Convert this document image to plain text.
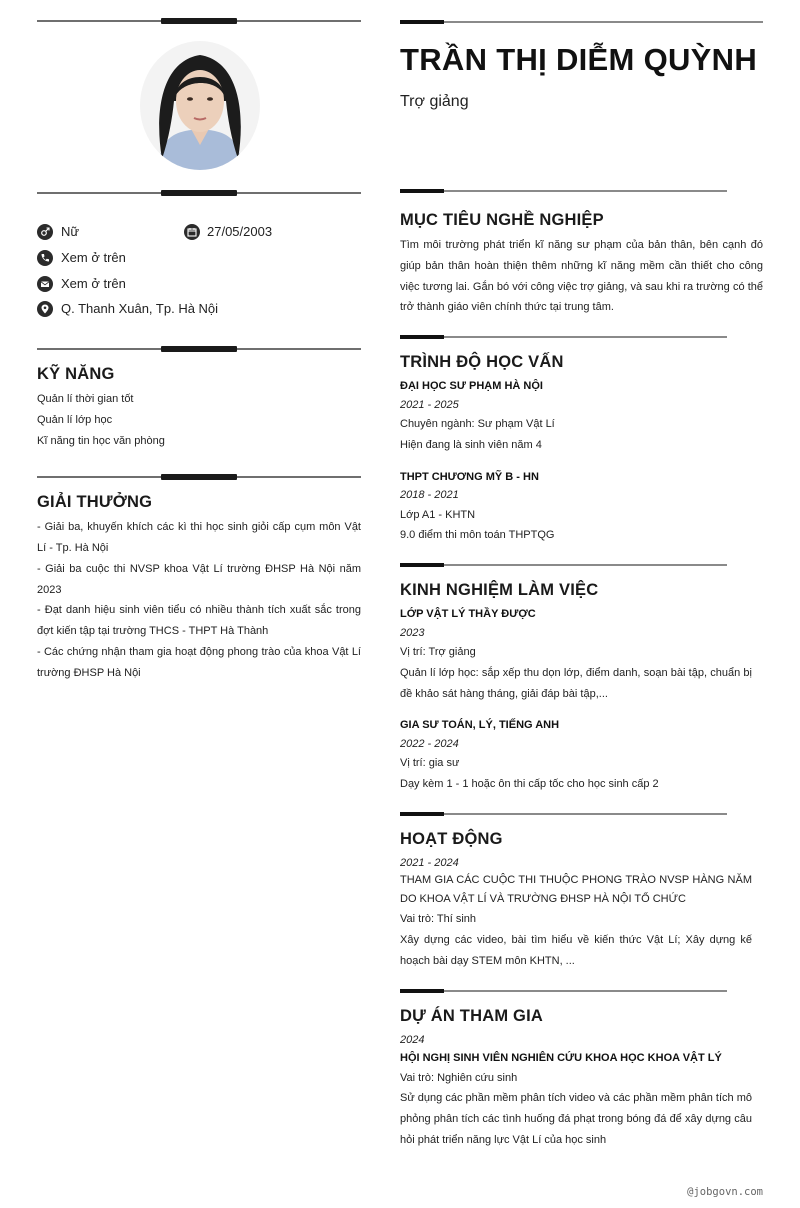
Nữ	27/05/2003
Xem ở trên
Xem ở trên
Q. Thanh Xuân, Tp. Hà Nội
KỸ NĂNG
Quản lí thời gian tốt
Quản lí lớp học
Kĩ năng tin học văn phòng
GIẢI THƯỞNG
- Giải ba, khuyến khích các kì thi học sinh giỏi cấp cụm môn Vật Lí - Tp. Hà Nội
- Giải ba cuộc thi NVSP khoa Vật Lí trường ĐHSP Hà Nội năm 2023
- Đạt danh hiệu sinh viên tiểu có nhiều thành tích xuất sắc trong đợt kiến tập tại trường THCS - THPT Hà Thành
- Các chứng nhận tham gia hoạt động phong trào của khoa Vật Lí trường ĐHSP Hà Nội
TRẦN THỊ DIỄM QUỲNH
Trợ giảng
MỤC TIÊU NGHỀ NGHIỆP
Tìm môi trường phát triển kĩ năng sư phạm của bản thân, bên cạnh đó giúp bản thân hoàn thiện thêm những kĩ năng mềm cần thiết cho công việc tương lai. Gắn bó với công việc trợ giảng, và sau khi ra trường có thể trở thành giáo viên chính thức tại trung tâm.
TRÌNH ĐỘ HỌC VẤN
ĐẠI HỌC SƯ PHẠM HÀ NỘI
2021 - 2025
Chuyên ngành: Sư phạm Vật Lí
Hiện đang là sinh viên năm 4
THPT CHƯƠNG MỸ B - HN
2018 - 2021
Lớp A1 - KHTN
9.0 điểm thi môn toán THPTQG
KINH NGHIỆM LÀM VIỆC
LỚP VẬT LÝ THẦY ĐƯỢC
2023
Vị trí: Trợ giảng
Quản lí lớp học: sắp xếp thu dọn lớp, điểm danh, soạn bài tập, chuẩn bị đề khảo sát hàng tháng, giải đáp bài tập,...
GIA SƯ TOÁN, LÝ, TIẾNG ANH
2022 - 2024
Vị trí: gia sư
Dạy kèm 1 - 1 hoặc ôn thi cấp tốc cho học sinh cấp 2
HOẠT ĐỘNG
2021 - 2024
THAM GIA CÁC CUỘC THI THUỘC PHONG TRÀO NVSP HÀNG NĂM DO KHOA VẬT LÍ VÀ TRƯỜNG ĐHSP HÀ NỘI TỔ CHỨC
Vai trò: Thí sinh
Xây dựng các video, bài tìm hiểu về kiến thức Vật Lí; Xây dựng kế hoạch bài dạy STEM môn KHTN, ...
DỰ ÁN THAM GIA
2024
HỘI NGHỊ SINH VIÊN NGHIÊN CỨU KHOA HỌC KHOA VẬT LÝ
Vai trò: Nghiên cứu sinh
Sử dụng các phần mềm phân tích video và các phần mềm phân tích mô phỏng phân tích các tình huống đá phạt trong bóng đá để xây dựng câu hỏi phát triển năng lực Vật Lí của học sinh
@jobgovn.com
